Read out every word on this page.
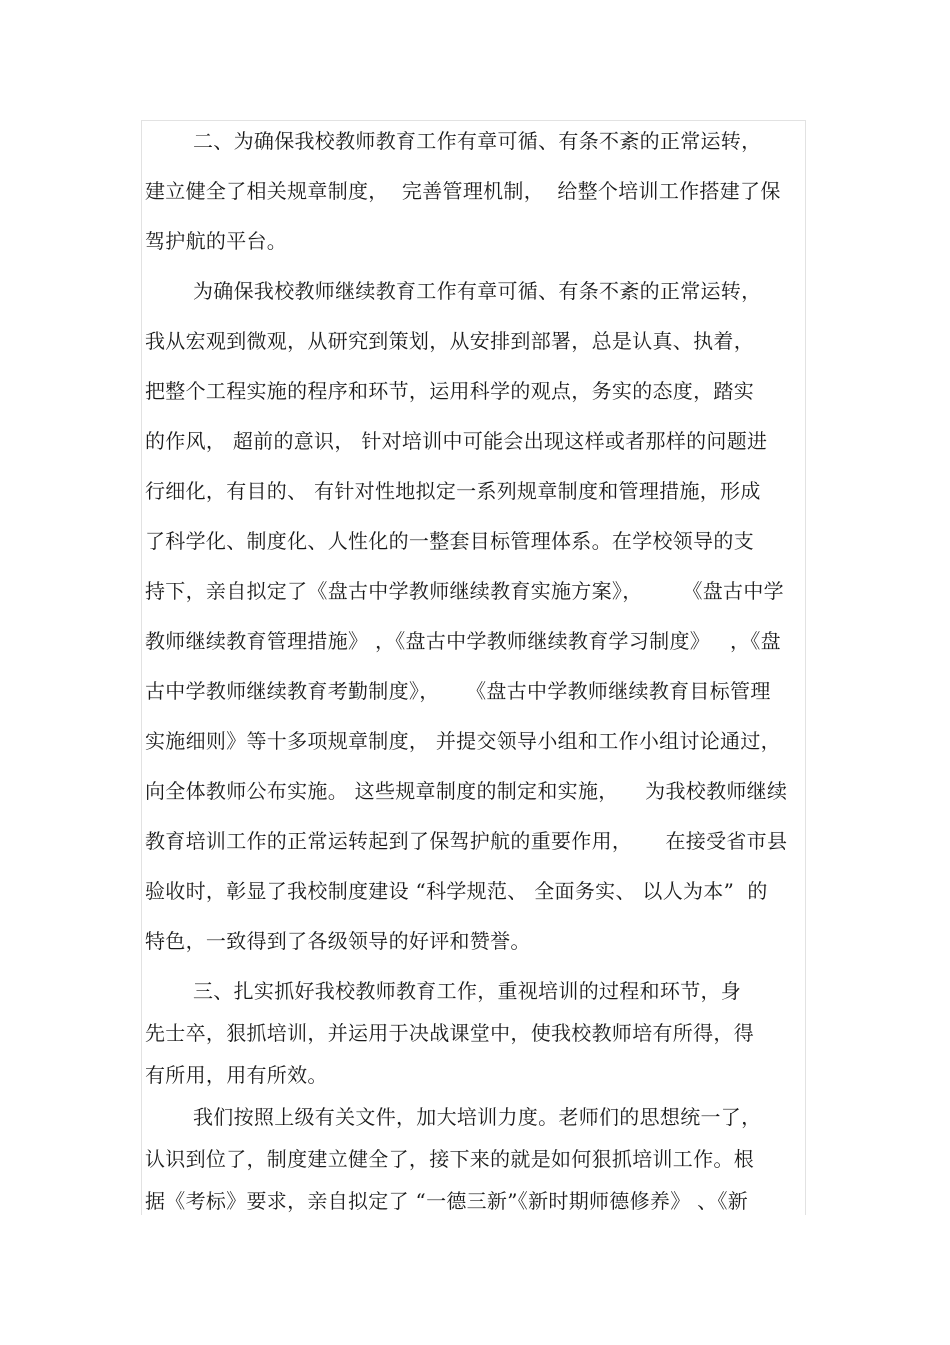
二、为确保我校教师教育工作有章可循、有条不紊的正常运转，
建立健全了相关规章制度，  完善管理机制，  给整个培训工作搭建了保
驾护航的平台。
为确保我校教师继续教育工作有章可循、有条不紊的正常运转，
我从宏观到微观，从研究到策划，从安排到部署，总是认真、执着，
把整个工程实施的程序和环节，运用科学的观点，务实的态度，踏实
的作风， 超前的意识， 针对培训中可能会出现这样或者那样的问题进
行细化，有目的、 有针对性地拟定一系列规章制度和管理措施，形成
了科学化、制度化、人性化的一整套目标管理体系。在学校领导的支
持下，亲自拟定了《盘古中学教师继续教育实施方案》，      《盘古中学
教师继续教育管理措施》 ，《盘古中学教师继续教育学习制度》   ，《盘
古中学教师继续教育考勤制度》，    《盘古中学教师继续教育目标管理
实施细则》等十多项规章制度， 并提交领导小组和工作小组讨论通过，
向全体教师公布实施。 这些规章制度的制定和实施，    为我校教师继续
教育培训工作的正常运转起到了保驾护航的重要作用，     在接受省市县
验收时，彰显了我校制度建设 “科学规范、 全面务实、 以人为本”  的
特色，一致得到了各级领导的好评和赞誉。
三、扎实抓好我校教师教育工作，重视培训的过程和环节，身
先士卒，狠抓培训，并运用于决战课堂中，使我校教师培有所得，得
有所用，用有所效。
我们按照上级有关文件，加大培训力度。老师们的思想统一了，
认识到位了，制度建立健全了，接下来的就是如何狠抓培训工作。根
据《考标》要求，亲自拟定了 “一德三新”《新时期师德修养》 、《新
